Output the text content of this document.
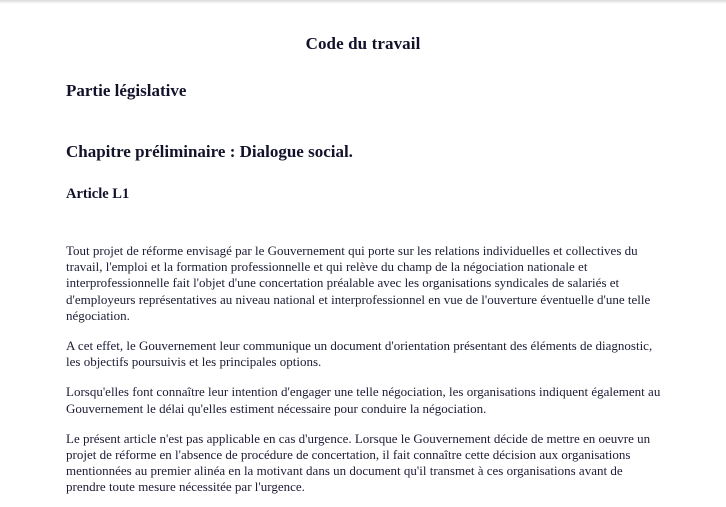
Code du travail
Partie législative
Chapitre préliminaire : Dialogue social.
Article L1

Tout projet de réforme envisagé par le Gouvernement qui porte sur les relations individuelles et collectives du travail, l'emploi et la formation professionnelle et qui relève du champ de la négociation nationale et interprofessionnelle fait l'objet d'une concertation préalable avec les organisations syndicales de salariés et d'employeurs représentatives au niveau national et interprofessionnel en vue de l'ouverture éventuelle d'une telle négociation.

A cet effet, le Gouvernement leur communique un document d'orientation présentant des éléments de diagnostic, les objectifs poursuivis et les principales options.

Lorsqu'elles font connaître leur intention d'engager une telle négociation, les organisations indiquent également au Gouvernement le délai qu'elles estiment nécessaire pour conduire la négociation.

Le présent article n'est pas applicable en cas d'urgence. Lorsque le Gouvernement décide de mettre en oeuvre un projet de réforme en l'absence de procédure de concertation, il fait connaître cette décision aux organisations mentionnées au premier alinéa en la motivant dans un document qu'il transmet à ces organisations avant de prendre toute mesure nécessitée par l'urgence.
